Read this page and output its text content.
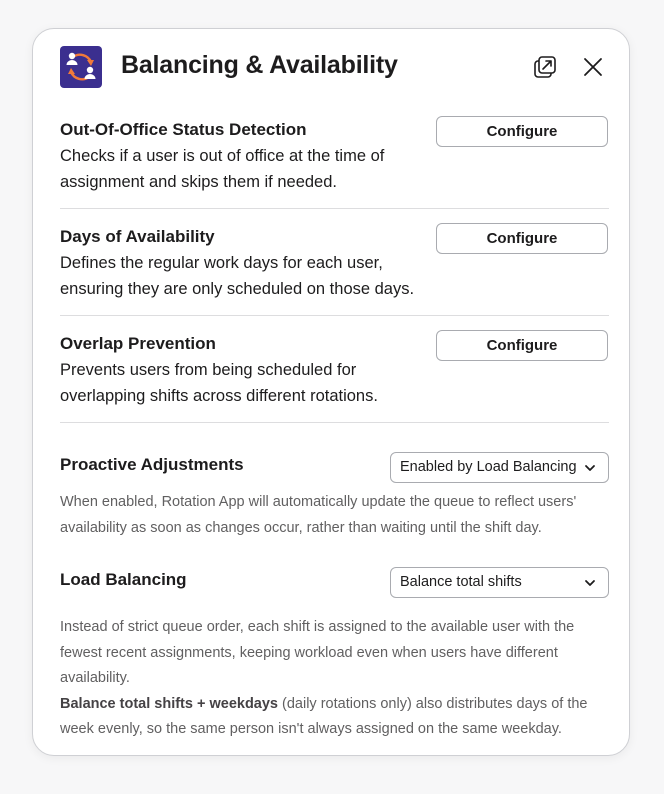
Balancing & Availability
Out-Of-Office Status Detection
Checks if a user is out of office at the time of assignment and skips them if needed.
Configure
Days of Availability
Defines the regular work days for each user, ensuring they are only scheduled on those days.
Configure
Overlap Prevention
Prevents users from being scheduled for overlapping shifts across different rotations.
Configure
Proactive Adjustments	Enabled by Load Balancing
When enabled, Rotation App will automatically update the queue to reflect users' availability as soon as changes occur, rather than waiting until the shift day.
Load Balancing	Balance total shifts
Instead of strict queue order, each shift is assigned to the available user with the fewest recent assignments, keeping workload even when users have different availability.
Balance total shifts + weekdays (daily rotations only) also distributes days of the week evenly, so the same person isn't always assigned on the same weekday.
